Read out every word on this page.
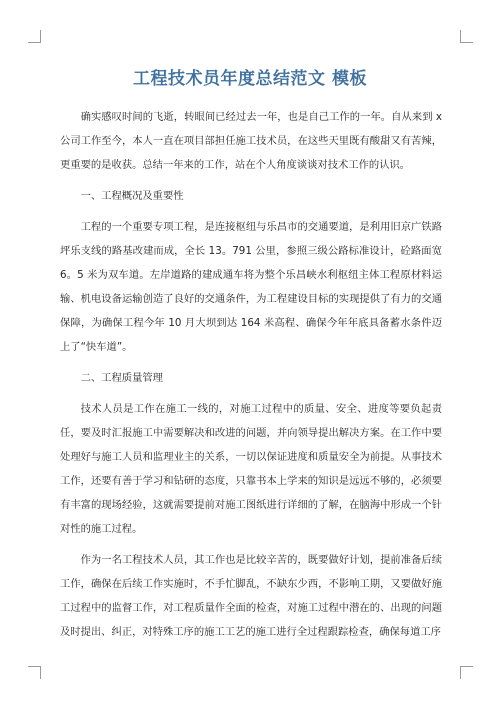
工程技术员年度总结范文 模板

确实感叹时间的飞逝，转眼间已经过去一年，也是自己工作的一年。自从来到 x 公司工作至今，本人一直在项目部担任施工技术员，在这些天里既有酸甜又有苦辣，更重要的是收获。总结一年来的工作，站在个人角度谈谈对技术工作的认识。

一、工程概况及重要性

工程的一个重要专项工程，是连接枢纽与乐昌市的交通要道，是利用旧京广铁路坪乐支线的路基改建而成，全长 13。791 公里，参照三级公路标准设计，砼路面宽 6。5 米为双车道。左岸道路的建成通车将为整个乐昌峡水利枢纽主体工程原材料运输、机电设备运输创造了良好的交通条件，为工程建设目标的实现提供了有力的交通保障，为确保工程今年 10 月大坝到达 164 米高程、确保今年年底具备蓄水条件迈上了“快车道”。

二、工程质量管理

技术人员是工作在施工一线的，对施工过程中的质量、安全、进度等要负起责任，要及时汇报施工中需要解决和改进的问题，并向领导提出解决方案。在工作中要处理好与施工人员和监理业主的关系，一切以保证进度和质量安全为前提。从事技术工作，还要有善于学习和钻研的态度，只靠书本上学来的知识是远远不够的，必须要有丰富的现场经验，这就需要提前对施工图纸进行详细的了解，在脑海中形成一个针对性的施工过程。

作为一名工程技术人员，其工作也是比较辛苦的，既要做好计划，提前准备后续工作，确保在后续工作实施时，不手忙脚乱，不缺东少西，不影响工期，又要做好施工过程中的监督工作，对工程质量作全面的检查，对施工过程中潜在的、出现的问题及时提出、纠正，对特殊工序的施工工艺的施工进行全过程跟踪检查，确保每道工序
